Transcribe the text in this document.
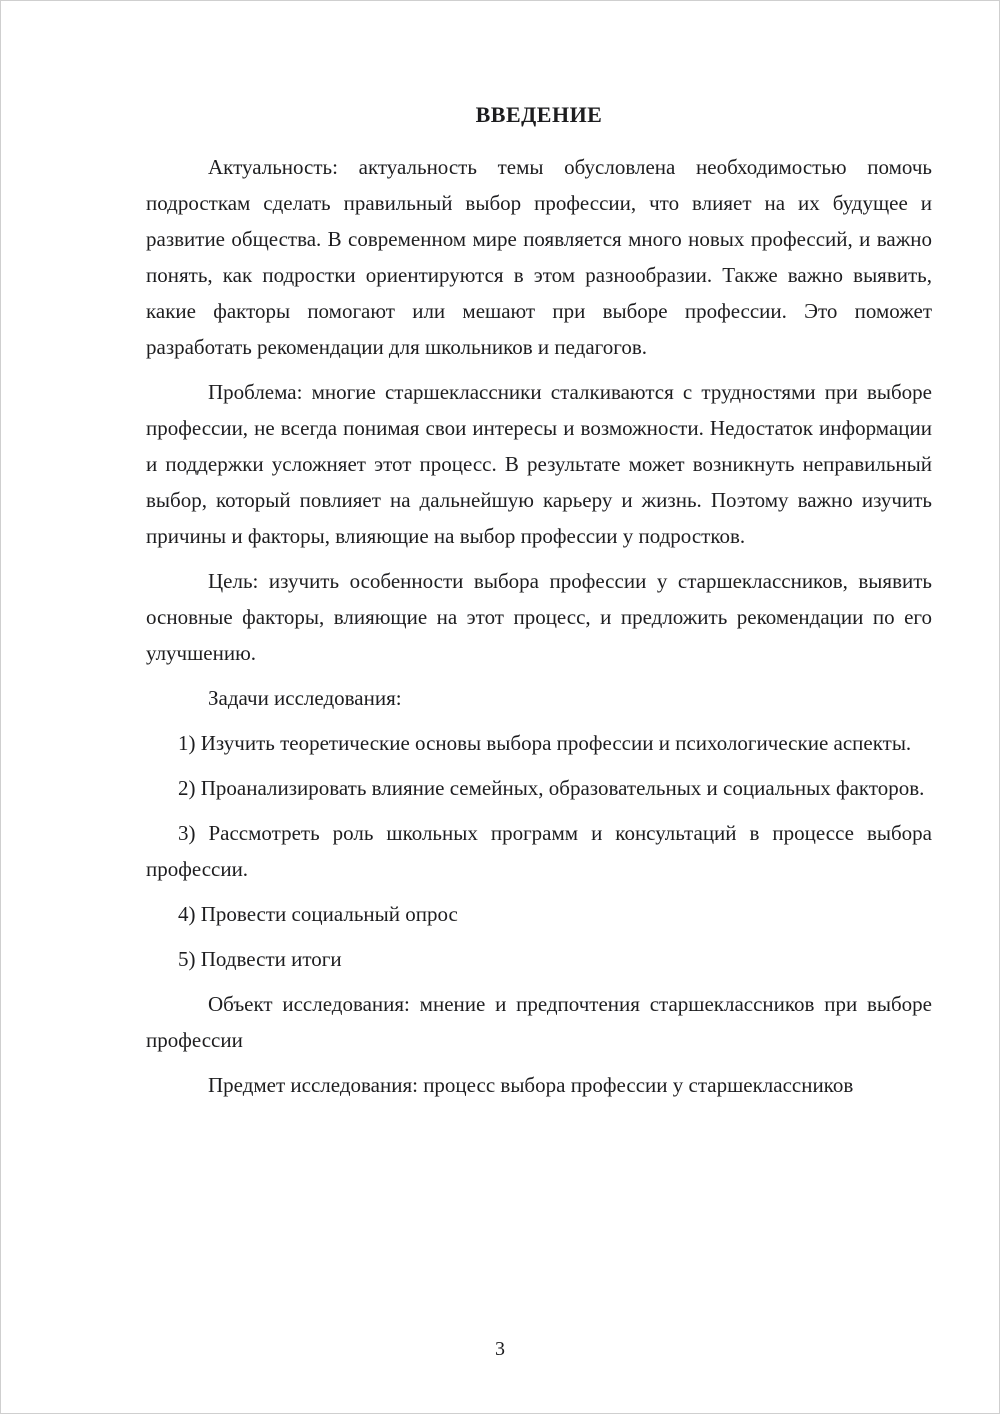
ВВЕДЕНИЕ

Актуальность: актуальность темы обусловлена необходимостью помочь подросткам сделать правильный выбор профессии, что влияет на их будущее и развитие общества. В современном мире появляется много новых профессий, и важно понять, как подростки ориентируются в этом разнообразии. Также важно выявить, какие факторы помогают или мешают при выборе профессии. Это поможет разработать рекомендации для школьников и педагогов.

Проблема: многие старшеклассники сталкиваются с трудностями при выборе профессии, не всегда понимая свои интересы и возможности. Недостаток информации и поддержки усложняет этот процесс. В результате может возникнуть неправильный выбор, который повлияет на дальнейшую карьеру и жизнь. Поэтому важно изучить причины и факторы, влияющие на выбор профессии у подростков.

Цель: изучить особенности выбора профессии у старшеклассников, выявить основные факторы, влияющие на этот процесс, и предложить рекомендации по его улучшению.

Задачи исследования:

1) Изучить теоретические основы выбора профессии и психологические аспекты.

2) Проанализировать влияние семейных, образовательных и социальных факторов.

3) Рассмотреть роль школьных программ и консультаций в процессе выбора профессии.

4) Провести социальный опрос

5) Подвести итоги

Объект исследования: мнение и предпочтения старшеклассников при выборе профессии

Предмет исследования: процесс выбора профессии у старшеклассников

3
